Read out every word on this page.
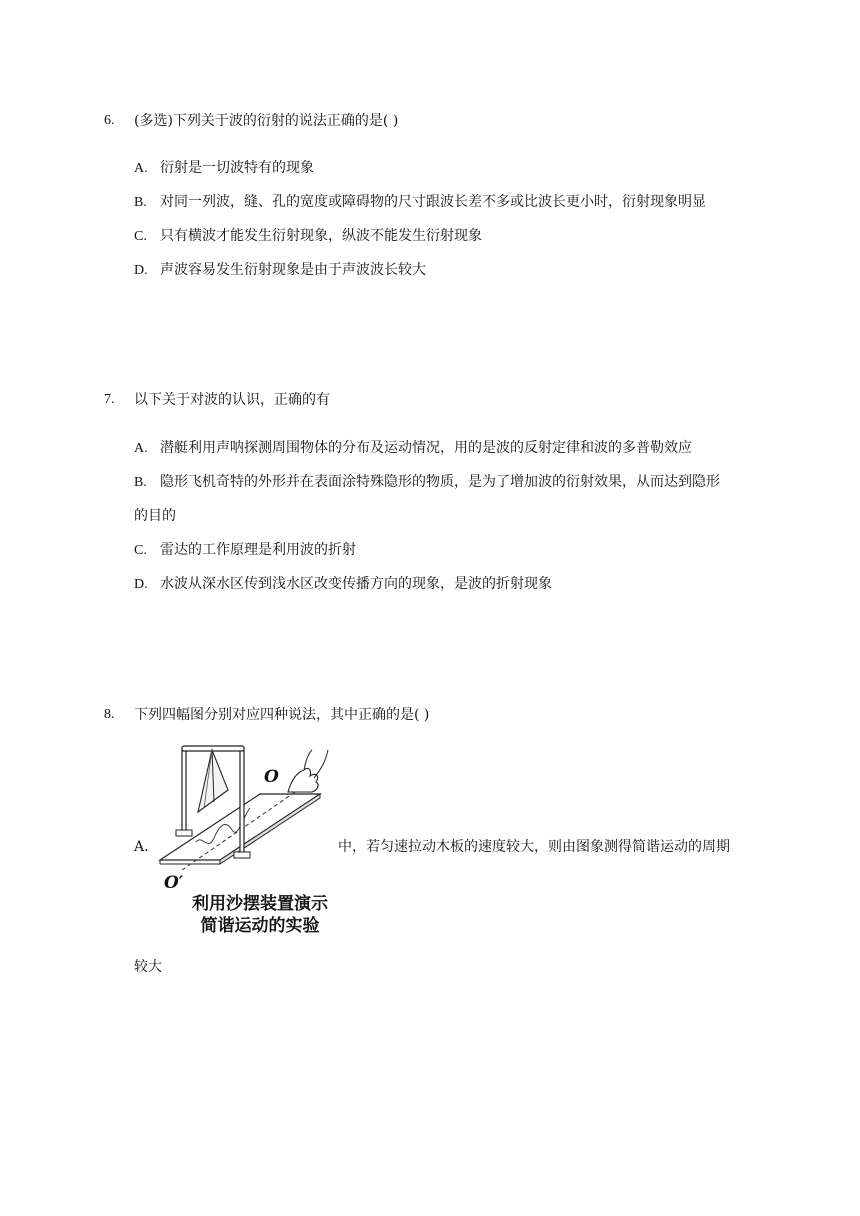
6. (多选)下列关于波的衍射的说法正确的是( )
A. 衍射是一切波特有的现象
B. 对同一列波，缝、孔的宽度或障碍物的尺寸跟波长差不多或比波长更小时，衍射现象明显
C. 只有横波才能发生衍射现象，纵波不能发生衍射现象
D. 声波容易发生衍射现象是由于声波波长较大
7. 以下关于对波的认识，正确的有
A. 潜艇利用声呐探测周围物体的分布及运动情况，用的是波的反射定律和波的多普勒效应
B. 隐形飞机奇特的外形并在表面涂特殊隐形的物质，是为了增加波的衍射效果，从而达到隐形
的目的
C. 雷达的工作原理是利用波的折射
D. 水波从深水区传到浅水区改变传播方向的现象，是波的折射现象
8. 下列四幅图分别对应四种说法，其中正确的是( )
A.
O
O′
利用沙摆装置演示
简谐运动的实验
中，若匀速拉动木板的速度较大，则由图象测得简谐运动的周期
较大
